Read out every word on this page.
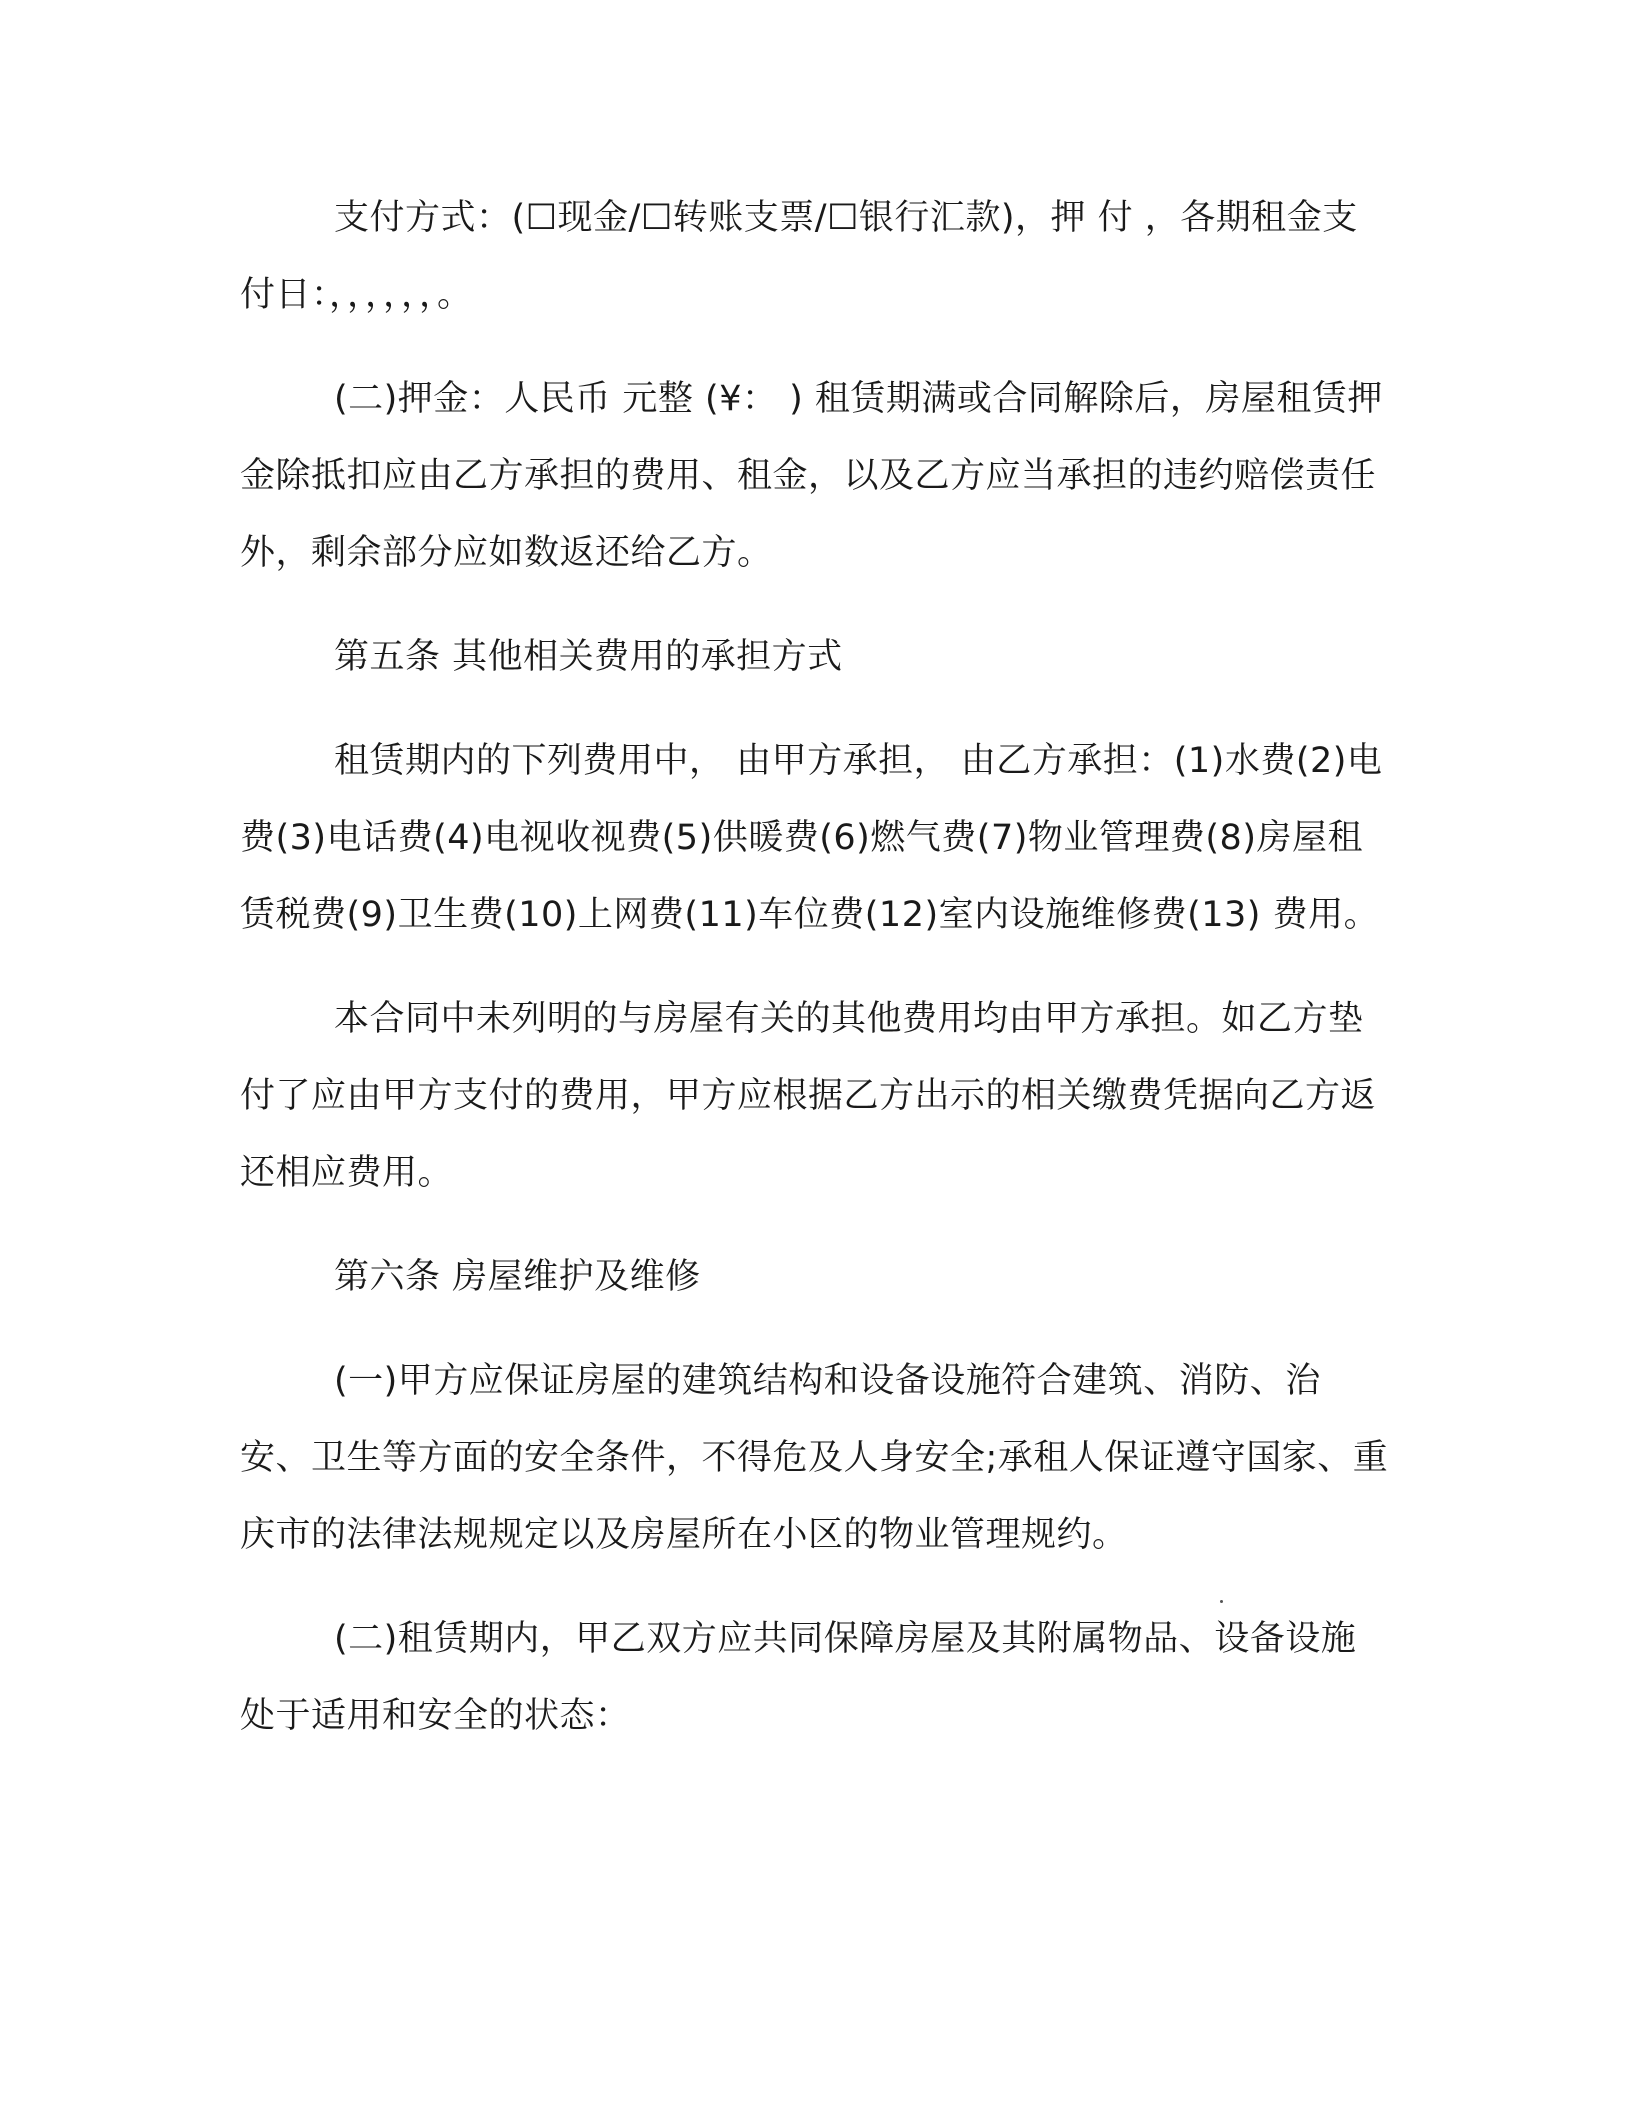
支付方式：(☐现金/☐转账支票/☐银行汇款)，押 付 ，各期租金支付日：，，，，，，。

(二)押金：人民币 元整 (¥： ) 租赁期满或合同解除后，房屋租赁押金除抵扣应由乙方承担的费用、租金，以及乙方应当承担的违约赔偿责任外，剩余部分应如数返还给乙方。

第五条 其他相关费用的承担方式

租赁期内的下列费用中， 由甲方承担， 由乙方承担：(1)水费(2)电费(3)电话费(4)电视收视费(5)供暖费(6)燃气费(7)物业管理费(8)房屋租赁税费(9)卫生费(10)上网费(11)车位费(12)室内设施维修费(13) 费用。

本合同中未列明的与房屋有关的其他费用均由甲方承担。如乙方垫付了应由甲方支付的费用，甲方应根据乙方出示的相关缴费凭据向乙方返还相应费用。

第六条 房屋维护及维修

(一)甲方应保证房屋的建筑结构和设备设施符合建筑、消防、治安、卫生等方面的安全条件，不得危及人身安全;承租人保证遵守国家、重庆市的法律法规规定以及房屋所在小区的物业管理规约。

(二)租赁期内，甲乙双方应共同保障房屋及其附属物品、设备设施处于适用和安全的状态：
